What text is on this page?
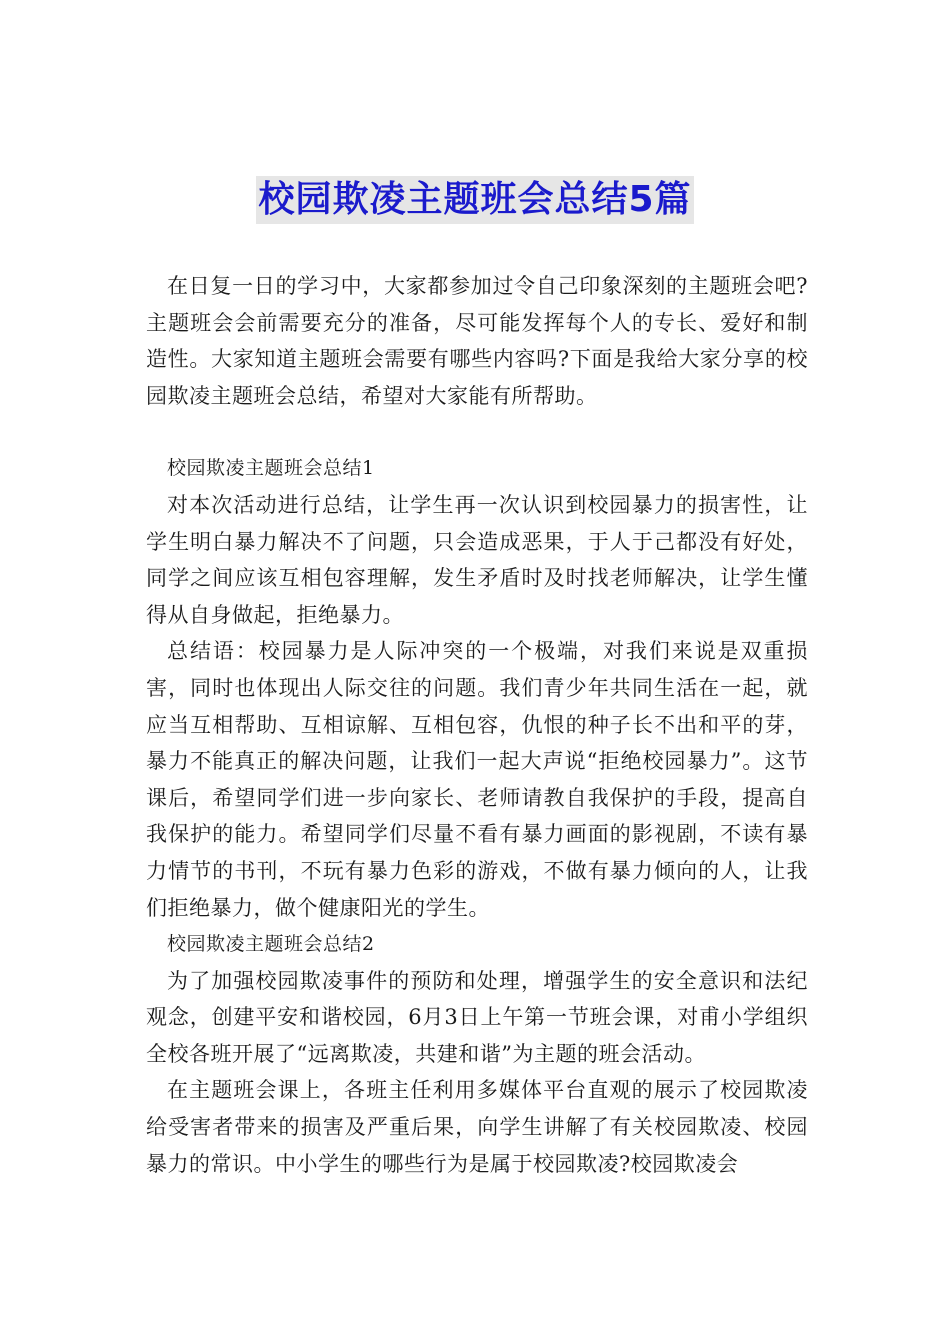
校园欺凌主题班会总结5篇

在日复一日的学习中，大家都参加过令自己印象深刻的主题班会吧?主题班会会前需要充分的准备，尽可能发挥每个人的专长、爱好和制造性。大家知道主题班会需要有哪些内容吗?下面是我给大家分享的校园欺凌主题班会总结，希望对大家能有所帮助。

校园欺凌主题班会总结1

对本次活动进行总结，让学生再一次认识到校园暴力的损害性，让学生明白暴力解决不了问题，只会造成恶果，于人于己都没有好处，同学之间应该互相包容理解，发生矛盾时及时找老师解决，让学生懂得从自身做起，拒绝暴力。

总结语：校园暴力是人际冲突的一个极端，对我们来说是双重损害，同时也体现出人际交往的问题。我们青少年共同生活在一起，就应当互相帮助、互相谅解、互相包容，仇恨的种子长不出和平的芽，暴力不能真正的解决问题，让我们一起大声说“拒绝校园暴力”。这节课后，希望同学们进一步向家长、老师请教自我保护的手段，提高自我保护的能力。希望同学们尽量不看有暴力画面的影视剧，不读有暴力情节的书刊，不玩有暴力色彩的游戏，不做有暴力倾向的人，让我们拒绝暴力，做个健康阳光的学生。

校园欺凌主题班会总结2

为了加强校园欺凌事件的预防和处理，增强学生的安全意识和法纪观念，创建平安和谐校园，6月3日上午第一节班会课，对甫小学组织全校各班开展了“远离欺凌，共建和谐”为主题的班会活动。

在主题班会课上，各班主任利用多媒体平台直观的展示了校园欺凌给受害者带来的损害及严重后果，向学生讲解了有关校园欺凌、校园暴力的常识。中小学生的哪些行为是属于校园欺凌?校园欺凌会
